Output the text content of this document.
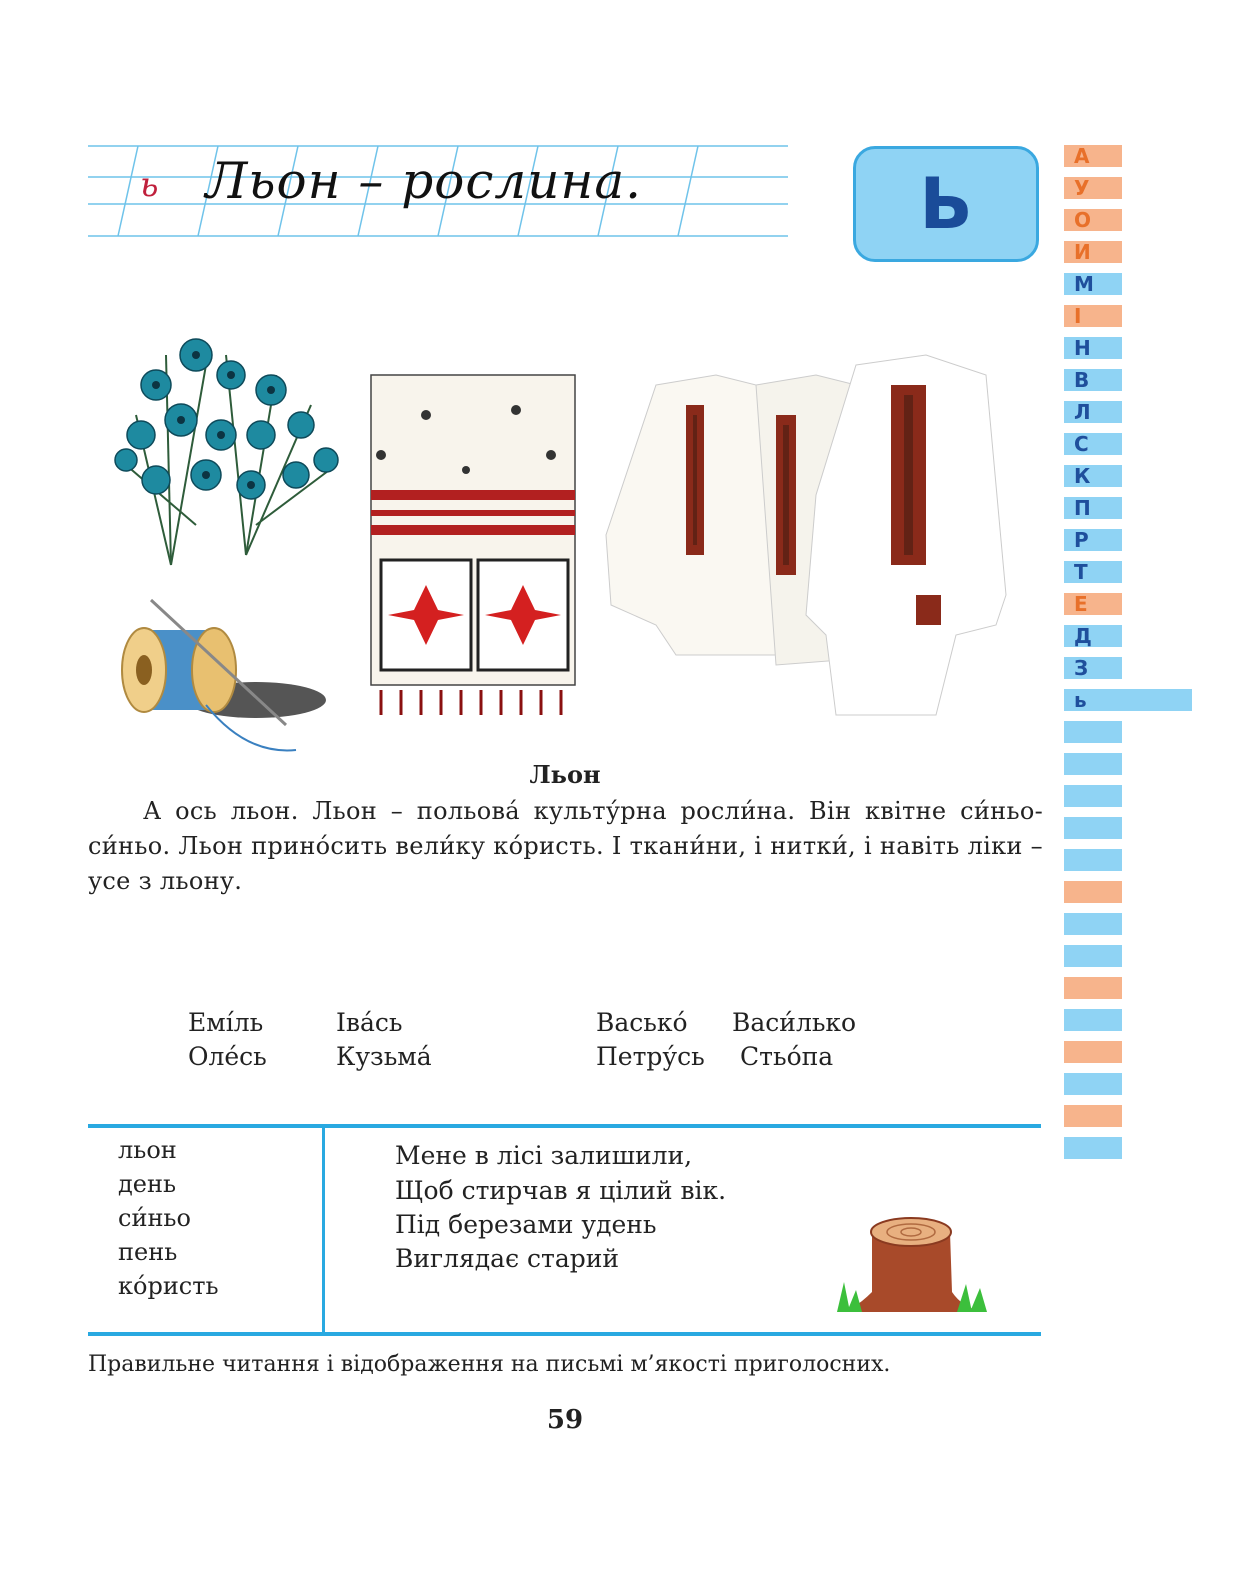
ь Льон – рослина.	Ь
А
У
О
И
М
І
Н
В
Л
С
К
П
Р
Т
Е
Д
З
ь
Льон
А ось льон. Льон – польова́ культу́рна росли́на. Він квітне си́ньо-си́ньо. Льон прино́сить вели́ку ко́ристь. І ткани́ни, і нитки́, і навіть ліки – усе з льону.
Емі́ль
Оле́сь
Іва́сь
Кузьма́
Васько́
Петру́сь
Васи́лько
Стьо́па
льон
день
си́ньо
пень
ко́ристь
Мене в лісі залишили,
Щоб стирчав я цілий вік.
Під березами удень
Виглядає старий
Правильне читання і відображення на письмі м’якості приголосних.
59
